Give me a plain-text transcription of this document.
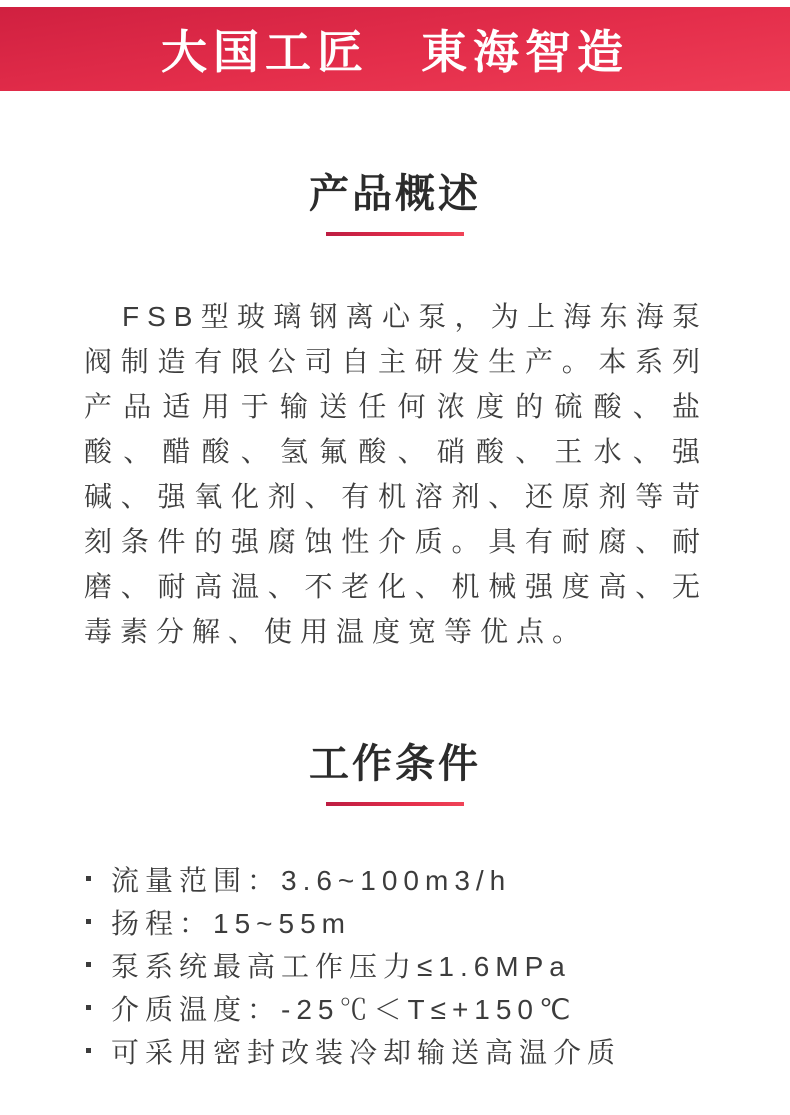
大国工匠　東海智造
产品概述

FSB型玻璃钢离心泵，为上海东海泵阀制造有限公司自主研发生产。本系列产品适用于输送任何浓度的硫酸、盐酸、醋酸、氢氟酸、硝酸、王水、强碱、强氧化剂、有机溶剂、还原剂等苛刻条件的强腐蚀性介质。具有耐腐、耐磨、耐高温、不老化、机械强度高、无毒素分解、使用温度宽等优点。

工作条件
流量范围：3.6~100m3/h
扬程：15~55m
泵系统最高工作压力≤1.6MPa
介质温度：-25℃＜T≤+150℃
可采用密封改装冷却输送高温介质
